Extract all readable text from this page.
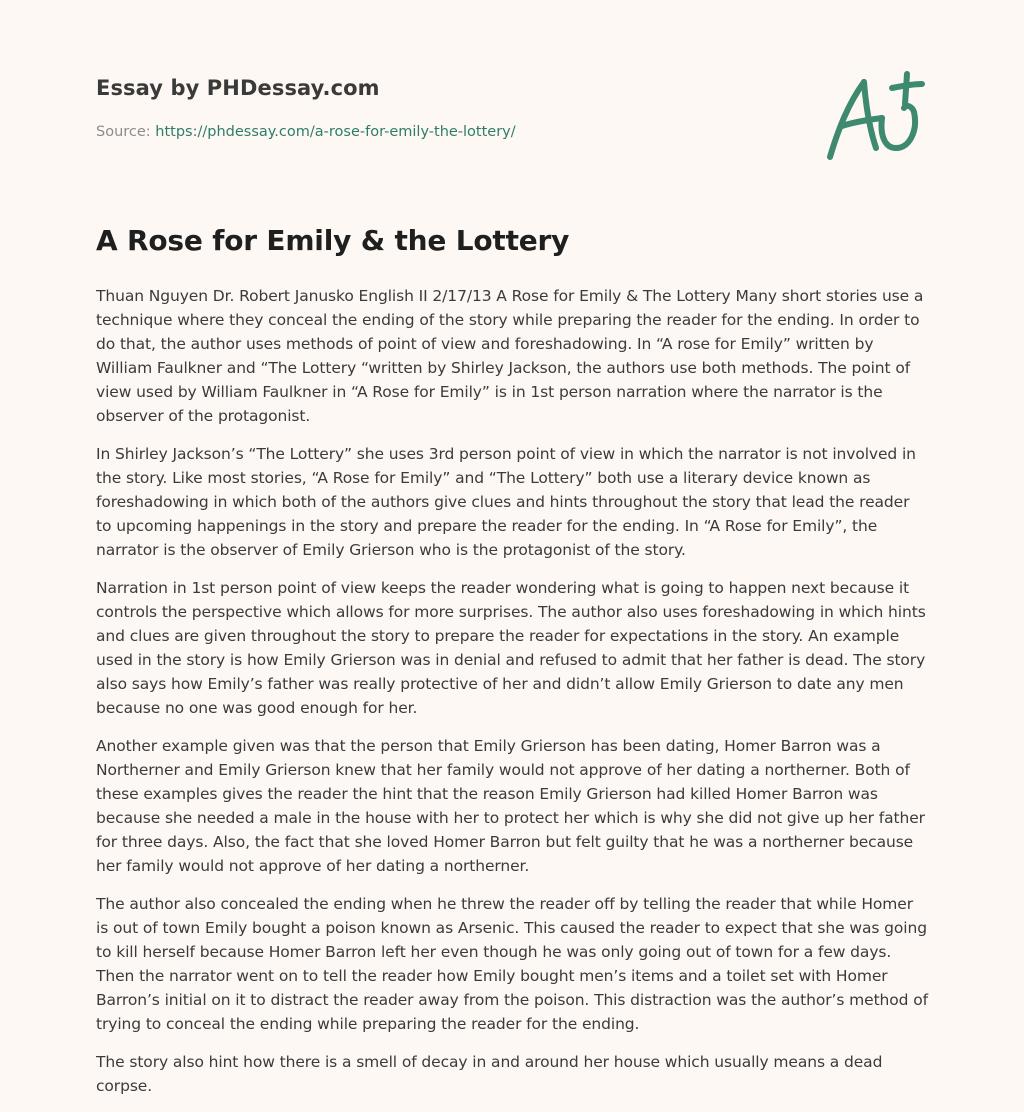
Essay by PHDessay.com
Source: https://phdessay.com/a-rose-for-emily-the-lottery/
A Rose for Emily & the Lottery

Thuan Nguyen Dr. Robert Janusko English II 2/17/13 A Rose for Emily & The Lottery Many short stories use a technique where they conceal the ending of the story while preparing the reader for the ending. In order to do that, the author uses methods of point of view and foreshadowing. In “A rose for Emily” written by William Faulkner and “The Lottery “written by Shirley Jackson, the authors use both methods. The point of view used by William Faulkner in “A Rose for Emily” is in 1st person narration where the narrator is the observer of the protagonist.

In Shirley Jackson’s “The Lottery” she uses 3rd person point of view in which the narrator is not involved in the story. Like most stories, “A Rose for Emily” and “The Lottery” both use a literary device known as foreshadowing in which both of the authors give clues and hints throughout the story that lead the reader to upcoming happenings in the story and prepare the reader for the ending. In “A Rose for Emily”, the narrator is the observer of Emily Grierson who is the protagonist of the story.

Narration in 1st person point of view keeps the reader wondering what is going to happen next because it controls the perspective which allows for more surprises. The author also uses foreshadowing in which hints and clues are given throughout the story to prepare the reader for expectations in the story. An example used in the story is how Emily Grierson was in denial and refused to admit that her father is dead. The story also says how Emily’s father was really protective of her and didn’t allow Emily Grierson to date any men because no one was good enough for her.

Another example given was that the person that Emily Grierson has been dating, Homer Barron was a Northerner and Emily Grierson knew that her family would not approve of her dating a northerner. Both of these examples gives the reader the hint that the reason Emily Grierson had killed Homer Barron was because she needed a male in the house with her to protect her which is why she did not give up her father for three days. Also, the fact that she loved Homer Barron but felt guilty that he was a northerner because her family would not approve of her dating a northerner.

The author also concealed the ending when he threw the reader off by telling the reader that while Homer is out of town Emily bought a poison known as Arsenic. This caused the reader to expect that she was going to kill herself because Homer Barron left her even though he was only going out of town for a few days. Then the narrator went on to tell the reader how Emily bought men’s items and a toilet set with Homer Barron’s initial on it to distract the reader away from the poison. This distraction was the author’s method of trying to conceal the ending while preparing the reader for the ending.

The story also hint how there is a smell of decay in and around her house which usually means a dead corpse.
